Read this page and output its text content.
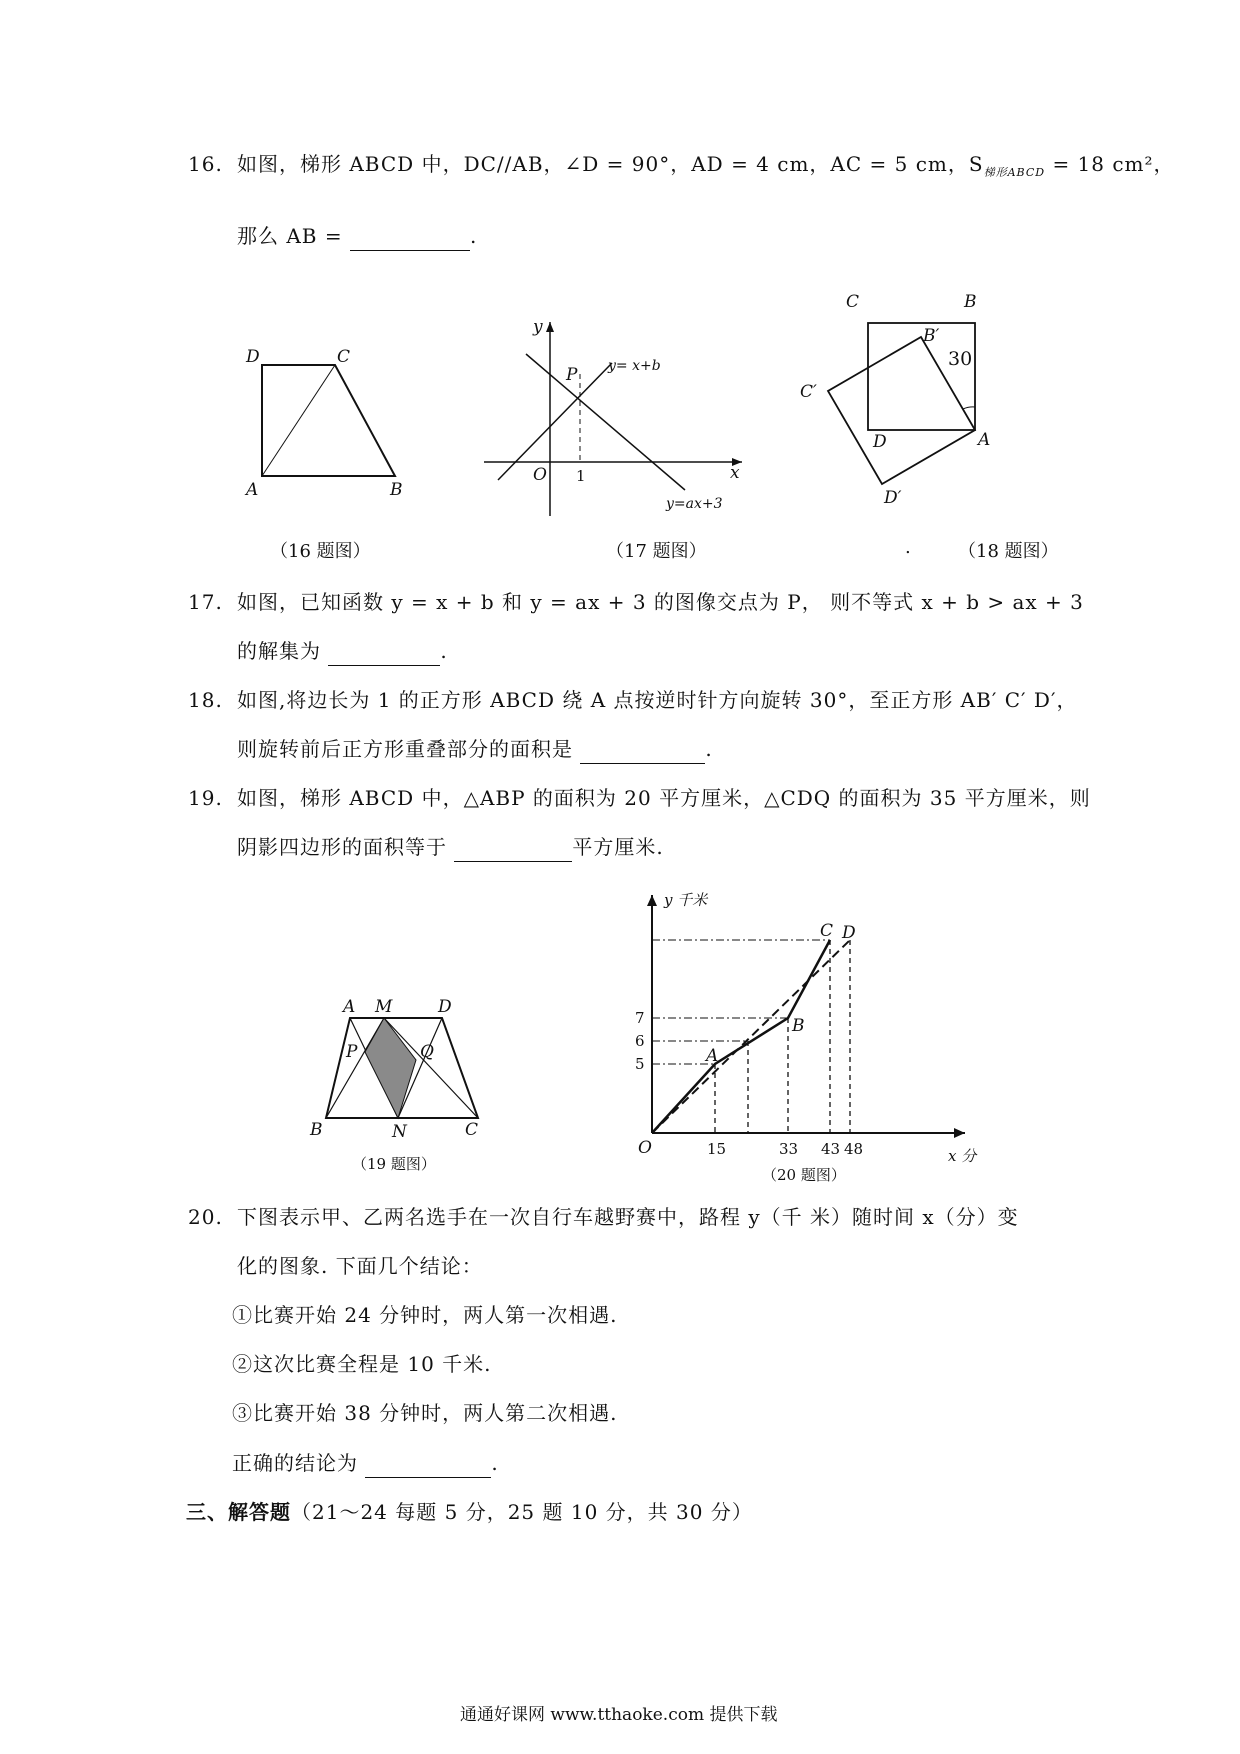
16. 如图，梯形 ABCD 中，DC//AB，∠D = 90°，AD = 4 cm，AC = 5 cm，$S_{梯形ABCD} = 18$ cm²，
那么 AB =	.
D	C
A	B
（16 题图）
y
x
O
P
1
y= x+b
y=ax+3
（17 题图）
C	B
B′
30
C′
D	A
D′
.	（18 题图）
17. 如图，已知函数 y = x + b 和 y = ax + 3 的图像交点为 P， 则不等式 x + b > ax + 3
的解集为	.
18. 如图,将边长为 1 的正方形 ABCD 绕 A 点按逆时针方向旋转 30°，至正方形 AB′ C′ D′，
则旋转前后正方形重叠部分的面积是	.
19. 如图，梯形 ABCD 中，△ABP 的面积为 20 平方厘米，△CDQ 的面积为 35 平方厘米，则
阴影四边形的面积等于	平方厘米.
A M	D
P	Q
B	N	C
（19 题图）
y 千米
x 分
O
A
B
C D
7
6
5
15	33 43 48
（20 题图）
20. 下图表示甲、乙两名选手在一次自行车越野赛中，路程 y（千 米）随时间 x（分）变
化的图象. 下面几个结论：
①比赛开始 24 分钟时，两人第一次相遇.
②这次比赛全程是 10 千米.
③比赛开始 38 分钟时，两人第二次相遇.
正确的结论为	.
三、解答题（21～24 每题 5 分，25 题 10 分，共 30 分）
通通好课网 www.tthaoke.com 提供下载
